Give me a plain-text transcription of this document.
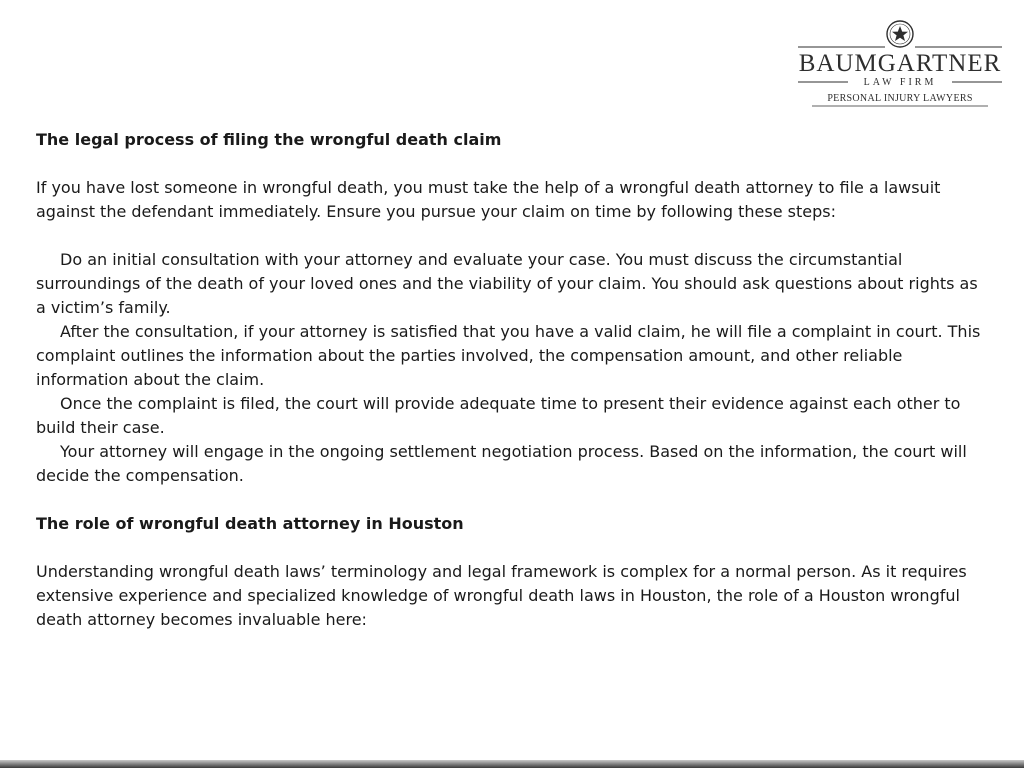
BAUMGARTNER
LAW FIRM
PERSONAL INJURY LAWYERS

The legal process of filing the wrongful death claim

If you have lost someone in wrongful death, you must take the help of a wrongful death attorney to file a lawsuit against the defendant immediately. Ensure you pursue your claim on time by following these steps:

Do an initial consultation with your attorney and evaluate your case. You must discuss the circumstantial surroundings of the death of your loved ones and the viability of your claim. You should ask questions about rights as a victim’s family.

After the consultation, if your attorney is satisfied that you have a valid claim, he will file a complaint in court. This complaint outlines the information about the parties involved, the compensation amount, and other reliable information about the claim.

Once the complaint is filed, the court will provide adequate time to present their evidence against each other to build their case.

Your attorney will engage in the ongoing settlement negotiation process. Based on the information, the court will decide the compensation.

The role of wrongful death attorney in Houston

Understanding wrongful death laws’ terminology and legal framework is complex for a normal person. As it requires extensive experience and specialized knowledge of wrongful death laws in Houston, the role of a Houston wrongful death attorney becomes invaluable here:
